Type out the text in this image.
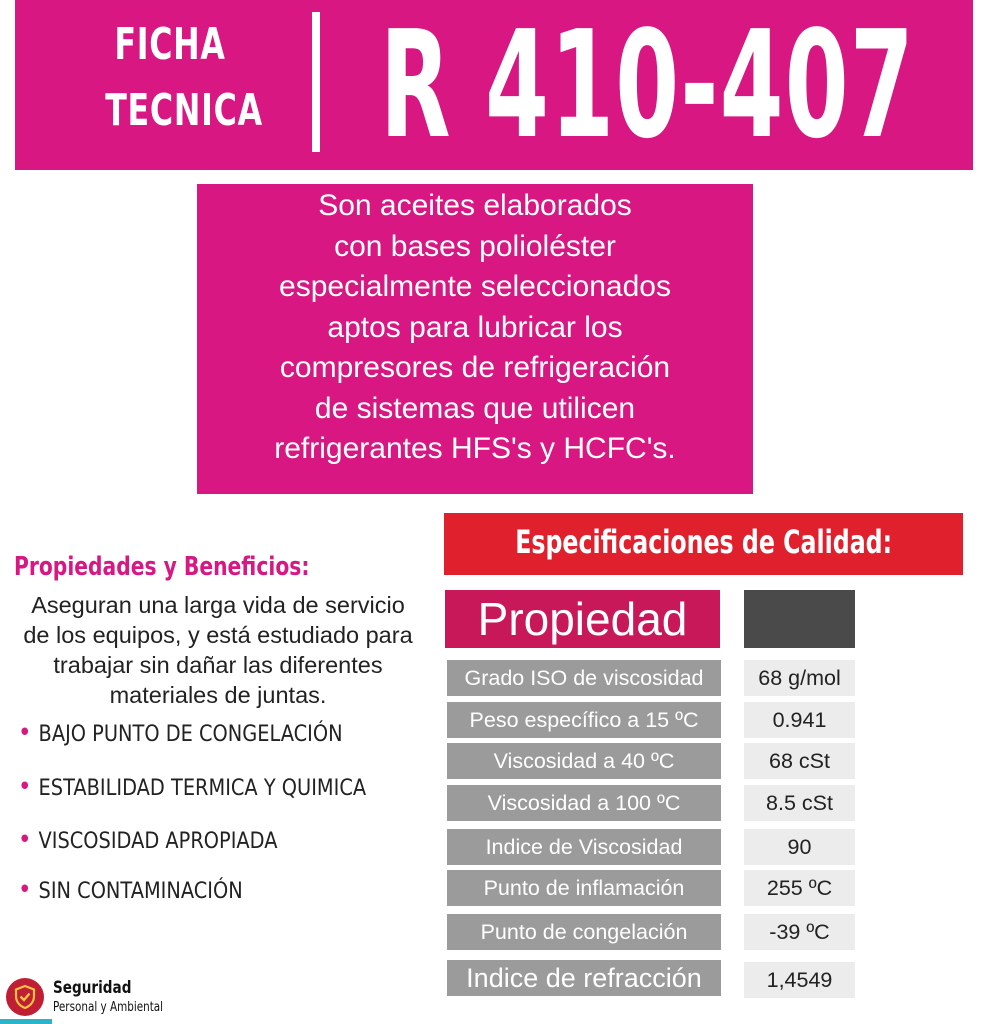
FICHA
TECNICA R 410-407
Son aceites elaborados
con bases polioléster
especialmente seleccionados
aptos para lubricar los
compresores de refrigeración
de sistemas que utilicen
refrigerantes HFS's y HCFC's.
Propiedades y Beneficios:
Aseguran una larga vida de servicio
de los equipos, y está estudiado para
trabajar sin dañar las diferentes
materiales de juntas.
• BAJO PUNTO DE CONGELACIÓN
• ESTABILIDAD TERMICA Y QUIMICA
• VISCOSIDAD APROPIADA
• SIN CONTAMINACIÓN
Seguridad
Personal y Ambiental
Especificaciones de Calidad:
Propiedad
Grado ISO de viscosidad	68 g/mol
Peso específico a 15 ºC	0.941
Viscosidad a 40 ºC	68 cSt
Viscosidad a 100 ºC	8.5 cSt
Indice de Viscosidad	90
Punto de inflamación	255 ºC
Punto de congelación	-39 ºC
Indice de refracción	1,4549
